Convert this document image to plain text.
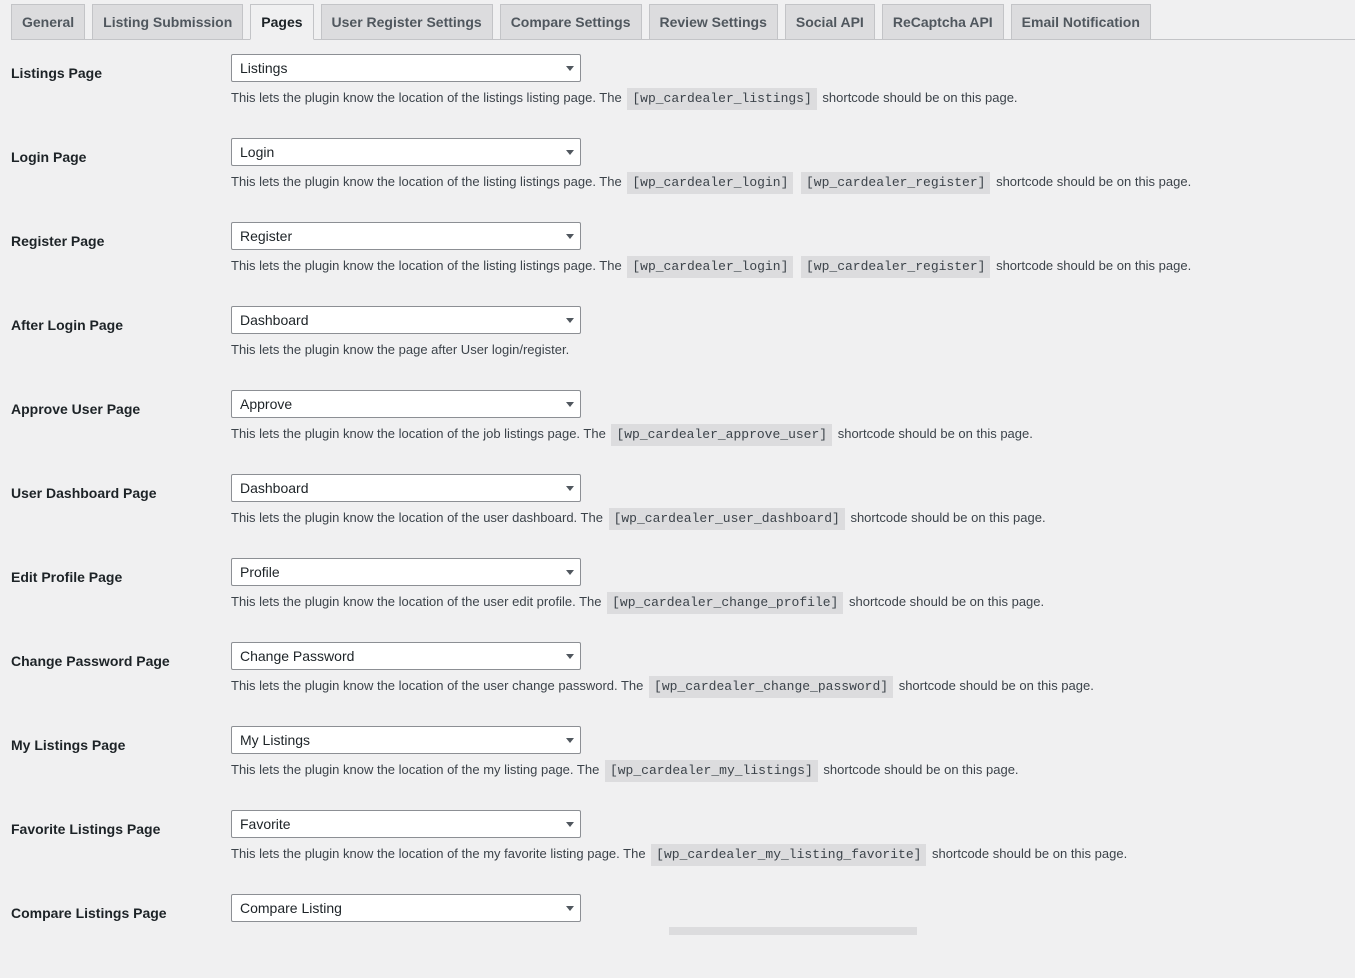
General	Listing Submission	Pages	User Register Settings	Compare Settings	Review Settings	Social API	ReCaptcha API	Email Notification
Listings Page	Listings
This lets the plugin know the location of the listings listing page. The [wp_cardealer_listings] shortcode should be on this page.
Login Page	Login
This lets the plugin know the location of the listing listings page. The [wp_cardealer_login] [wp_cardealer_register] shortcode should be on this page.
Register Page	Register
This lets the plugin know the location of the listing listings page. The [wp_cardealer_login] [wp_cardealer_register] shortcode should be on this page.
After Login Page	Dashboard
This lets the plugin know the page after User login/register.
Approve User Page	Approve
This lets the plugin know the location of the job listings page. The [wp_cardealer_approve_user] shortcode should be on this page.
User Dashboard Page	Dashboard
This lets the plugin know the location of the user dashboard. The [wp_cardealer_user_dashboard] shortcode should be on this page.
Edit Profile Page	Profile
This lets the plugin know the location of the user edit profile. The [wp_cardealer_change_profile] shortcode should be on this page.
Change Password Page	Change Password
This lets the plugin know the location of the user change password. The [wp_cardealer_change_password] shortcode should be on this page.
My Listings Page	My Listings
This lets the plugin know the location of the my listing page. The [wp_cardealer_my_listings] shortcode should be on this page.
Favorite Listings Page	Favorite
This lets the plugin know the location of the my favorite listing page. The [wp_cardealer_my_listing_favorite] shortcode should be on this page.
Compare Listings Page	Compare Listing
